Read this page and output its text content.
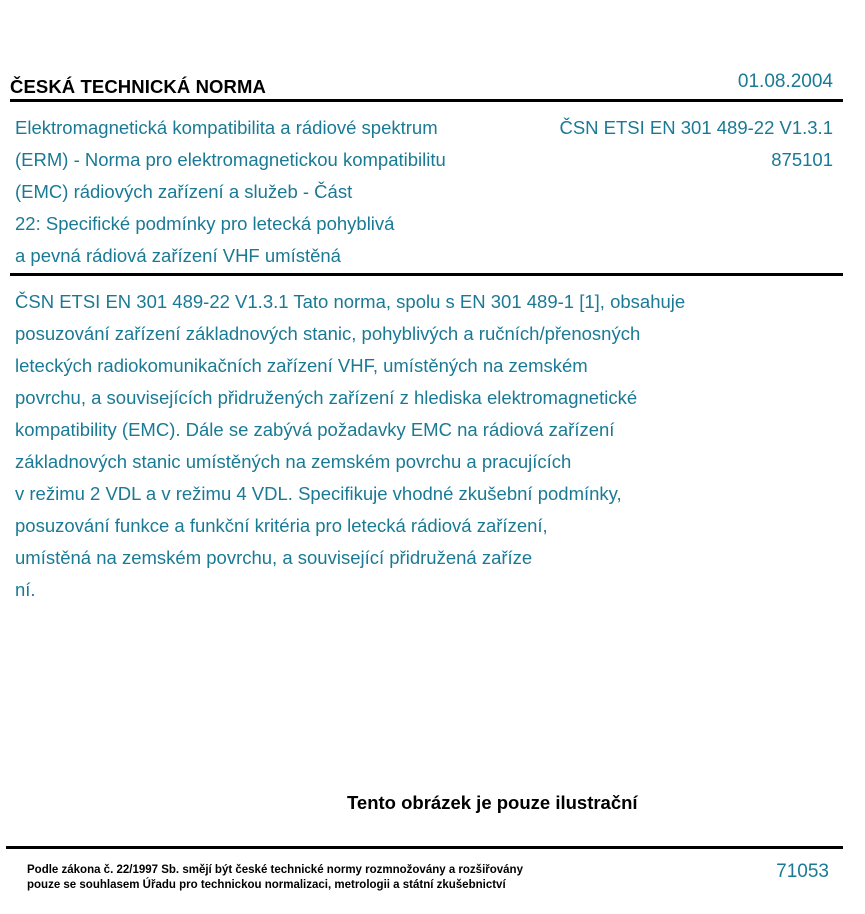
ČESKÁ TECHNICKÁ NORMA	01.08.2004
Elektromagnetická kompatibilita a rádiové spektrum
(ERM) - Norma pro elektromagnetickou kompatibilitu
(EMC) rádiových zařízení a služeb - Část
22: Specifické podmínky pro letecká pohyblivá
a pevná rádiová zařízení VHF umístěná
ČSN ETSI EN 301 489-22 V1.3.1
875101
ČSN ETSI EN 301 489-22 V1.3.1 Tato norma, spolu s EN 301 489-1 [1], obsahuje
posuzování zařízení základnových stanic, pohyblivých a ručních/přenosných
leteckých radiokomunikačních zařízení VHF, umístěných na zemském
povrchu, a souvisejících přidružených zařízení z hlediska elektromagnetické
kompatibility (EMC). Dále se zabývá požadavky EMC na rádiová zařízení
základnových stanic umístěných na zemském povrchu a pracujících
v režimu 2 VDL a v režimu 4 VDL. Specifikuje vhodné zkušební podmínky,
posuzování funkce a funkční kritéria pro letecká rádiová zařízení,
umístěná na zemském povrchu, a související přidružená zaříze
ní.
Tento obrázek je pouze ilustrační
Podle zákona č. 22/1997 Sb. smějí být české technické normy rozmnožovány a rozšiřovány
pouze se souhlasem Úřadu pro technickou normalizaci, metrologii a státní zkušebnictví
71053
